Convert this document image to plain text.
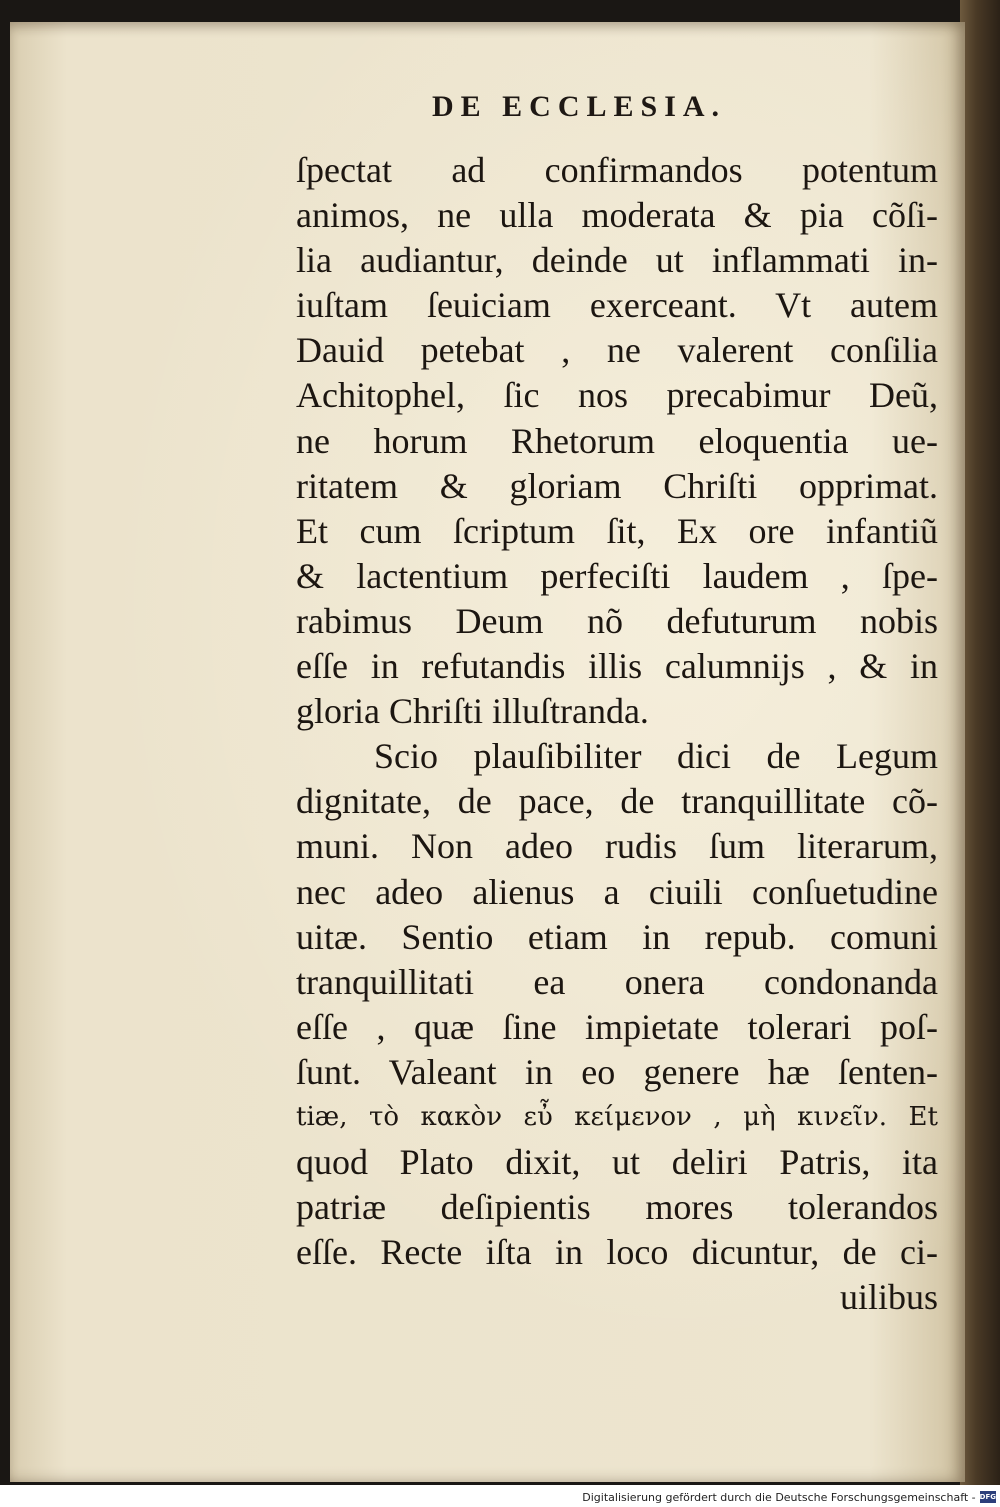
DE ECCLESIA.
ſpectat ad confirmandos potentum
animos, ne ulla moderata & pia cõſi-
lia audiantur, deinde ut inflammati in-
iuſtam ſeuiciam exerceant. Vt autem
Dauid petebat , ne valerent conſilia
Achitophel, ſic nos precabimur Deũ,
ne horum Rhetorum eloquentia ue-
ritatem & gloriam Chriſti opprimat.
Et cum ſcriptum ſit, Ex ore infantiũ
& lactentium perfeciſti laudem , ſpe-
rabimus Deum nõ defuturum nobis
eſſe in refutandis illis calumnijs , & in
gloria Chriſti illuſtranda.
Scio plauſibiliter dici de Legum
dignitate, de pace, de tranquillitate cõ-
muni. Non adeo rudis ſum literarum,
nec adeo alienus a ciuili conſuetudine
uitæ. Sentio etiam in repub. comuni
tranquillitati ea onera condonanda
eſſe , quæ ſine impietate tolerari poſ-
ſunt. Valeant in eo genere hæ ſenten-
tiæ, τὸ κακὸν εὖ κείμενον , μὴ κινεῖν. Et
quod Plato dixit, ut deliri Patris, ita
patriæ deſipientis mores tolerandos
eſſe. Recte iſta in loco dicuntur, de ci-
uilibus
Digitalisierung gefördert durch die Deutsche Forschungsgemeinschaft - DFG
